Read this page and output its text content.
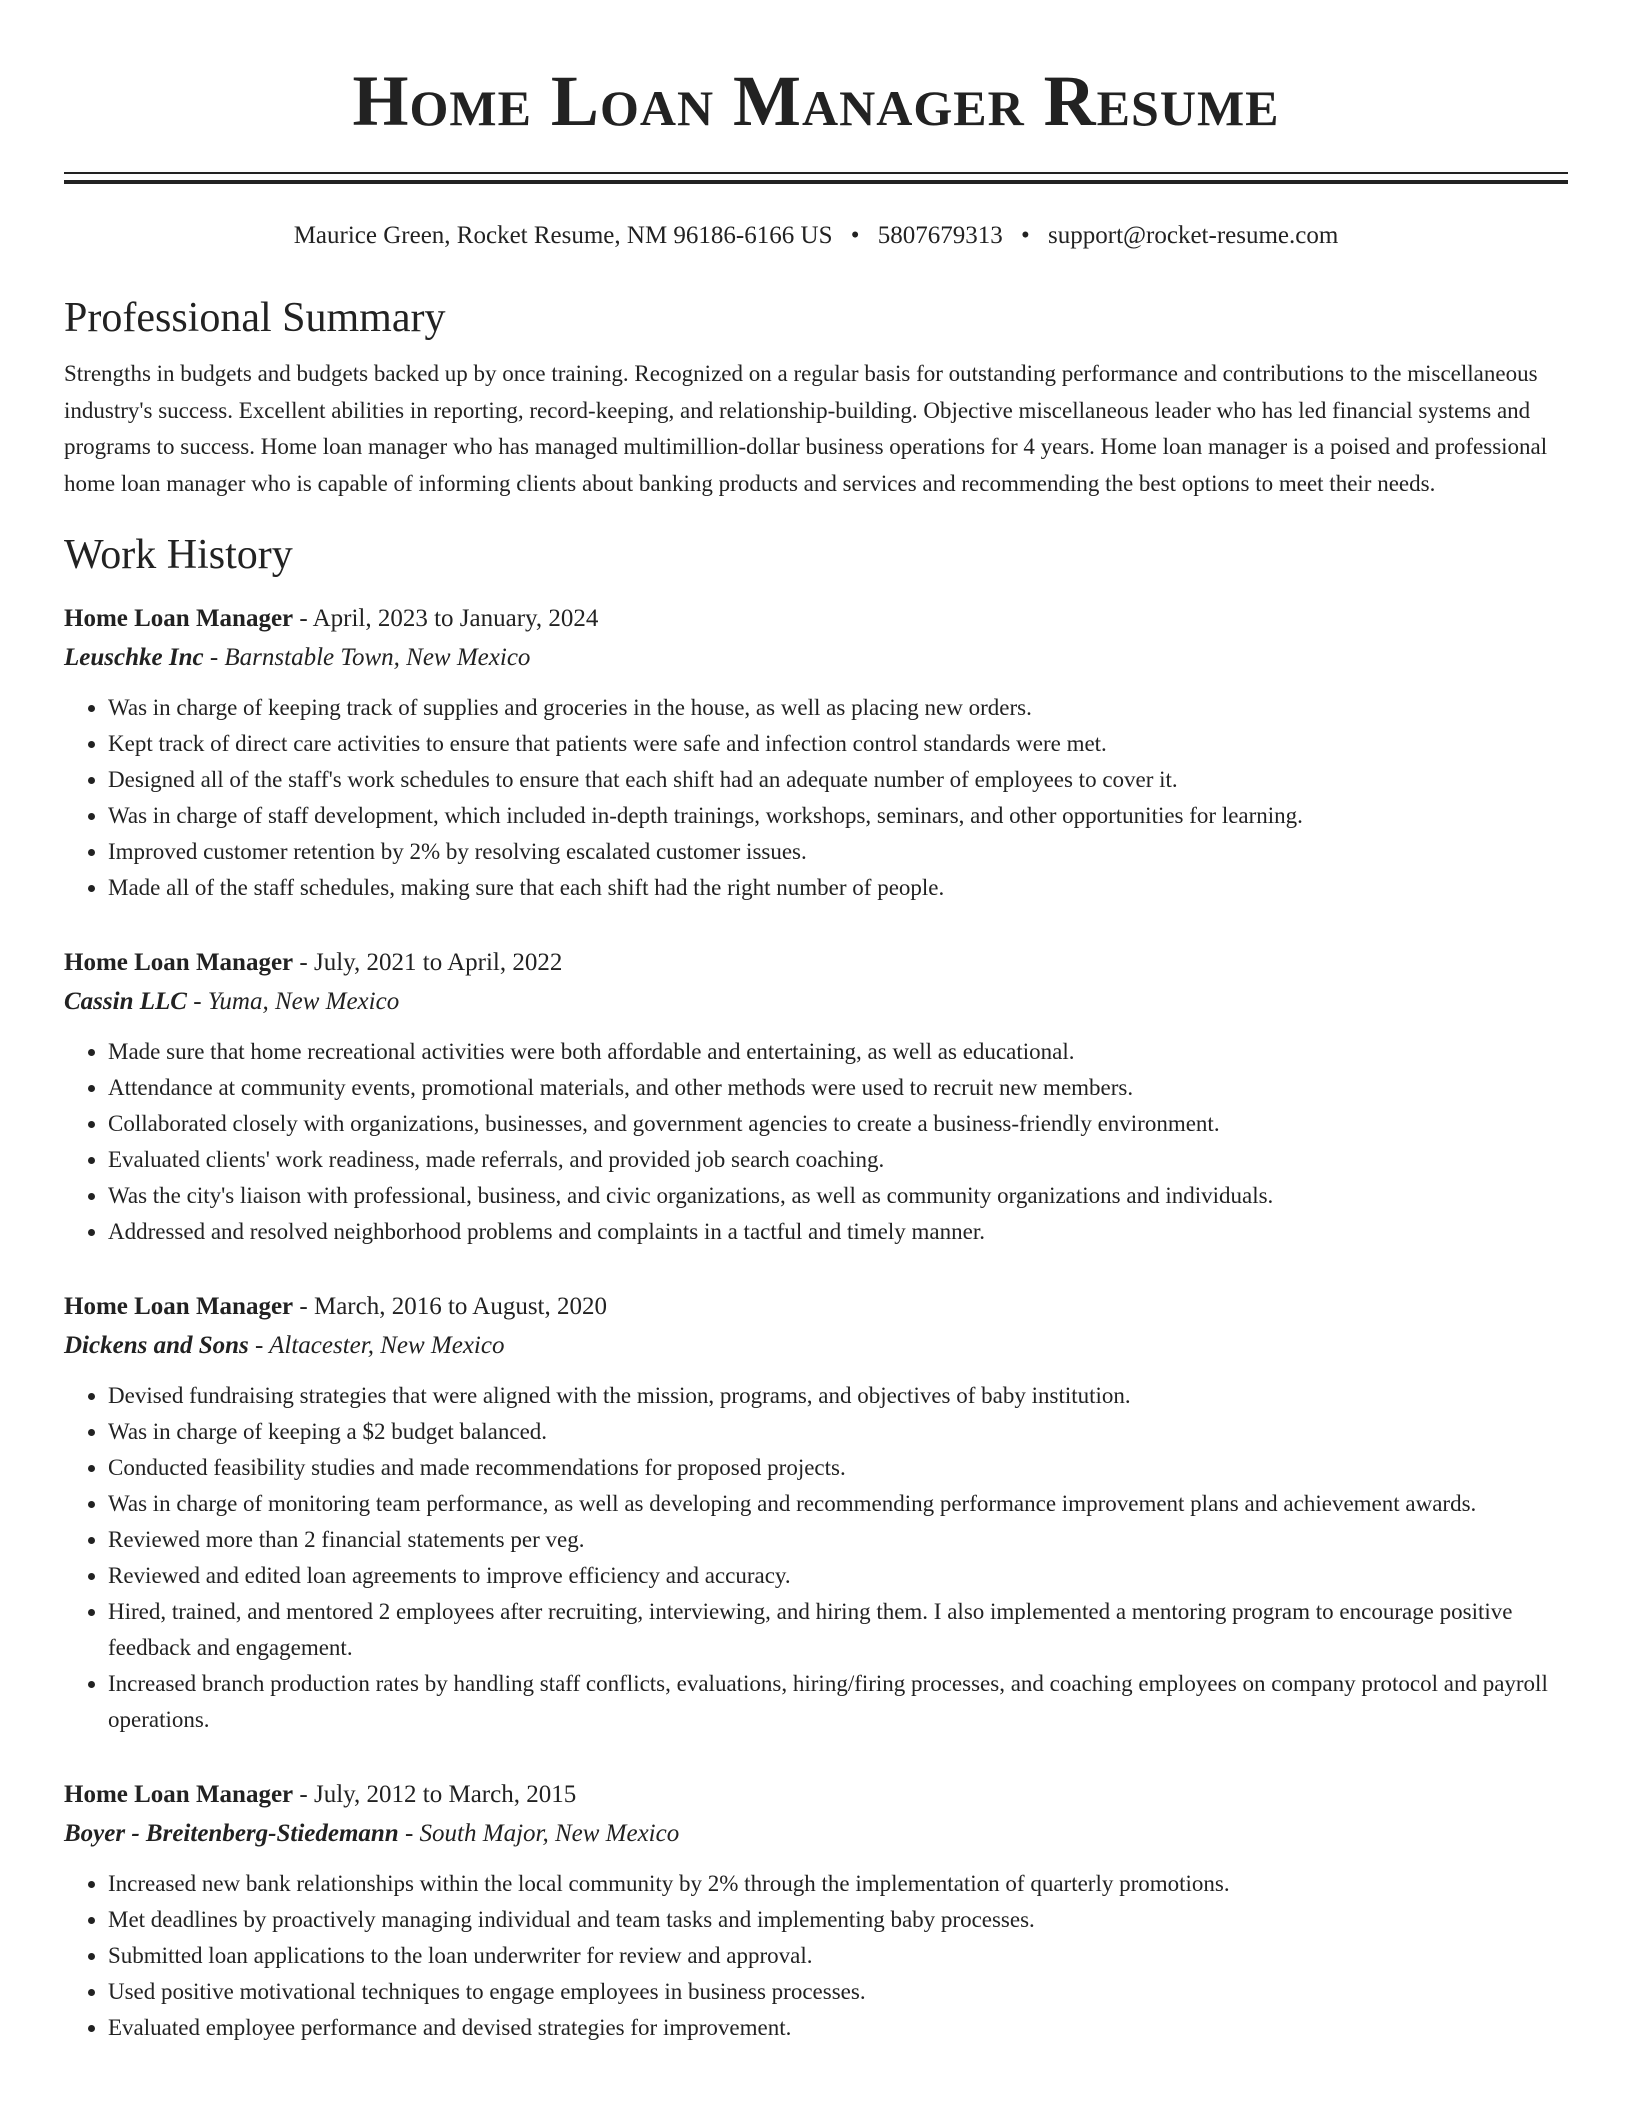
Home Loan Manager Resume
Maurice Green, Rocket Resume, NM 96186-6166 US • 5807679313 • support@rocket-resume.com
Professional Summary

Strengths in budgets and budgets backed up by once training. Recognized on a regular basis for outstanding performance and contributions to the miscellaneous industry's success. Excellent abilities in reporting, record-keeping, and relationship-building. Objective miscellaneous leader who has led financial systems and programs to success. Home loan manager who has managed multimillion-dollar business operations for 4 years. Home loan manager is a poised and professional home loan manager who is capable of informing clients about banking products and services and recommending the best options to meet their needs.

Work History
Home Loan Manager - April, 2023 to January, 2024
Leuschke Inc - Barnstable Town, New Mexico
• Was in charge of keeping track of supplies and groceries in the house, as well as placing new orders.
• Kept track of direct care activities to ensure that patients were safe and infection control standards were met.
• Designed all of the staff's work schedules to ensure that each shift had an adequate number of employees to cover it.
• Was in charge of staff development, which included in-depth trainings, workshops, seminars, and other opportunities for learning.
• Improved customer retention by 2% by resolving escalated customer issues.
• Made all of the staff schedules, making sure that each shift had the right number of people.
Home Loan Manager - July, 2021 to April, 2022
Cassin LLC - Yuma, New Mexico
• Made sure that home recreational activities were both affordable and entertaining, as well as educational.
• Attendance at community events, promotional materials, and other methods were used to recruit new members.
• Collaborated closely with organizations, businesses, and government agencies to create a business-friendly environment.
• Evaluated clients' work readiness, made referrals, and provided job search coaching.
• Was the city's liaison with professional, business, and civic organizations, as well as community organizations and individuals.
• Addressed and resolved neighborhood problems and complaints in a tactful and timely manner.
Home Loan Manager - March, 2016 to August, 2020
Dickens and Sons - Altacester, New Mexico
• Devised fundraising strategies that were aligned with the mission, programs, and objectives of baby institution.
• Was in charge of keeping a $2 budget balanced.
• Conducted feasibility studies and made recommendations for proposed projects.
• Was in charge of monitoring team performance, as well as developing and recommending performance improvement plans and achievement awards.
• Reviewed more than 2 financial statements per veg.
• Reviewed and edited loan agreements to improve efficiency and accuracy.
• Hired, trained, and mentored 2 employees after recruiting, interviewing, and hiring them. I also implemented a mentoring program to encourage positive feedback and engagement.
• Increased branch production rates by handling staff conflicts, evaluations, hiring/firing processes, and coaching employees on company protocol and payroll operations.
Home Loan Manager - July, 2012 to March, 2015
Boyer - Breitenberg-Stiedemann - South Major, New Mexico
• Increased new bank relationships within the local community by 2% through the implementation of quarterly promotions.
• Met deadlines by proactively managing individual and team tasks and implementing baby processes.
• Submitted loan applications to the loan underwriter for review and approval.
• Used positive motivational techniques to engage employees in business processes.
• Evaluated employee performance and devised strategies for improvement.
